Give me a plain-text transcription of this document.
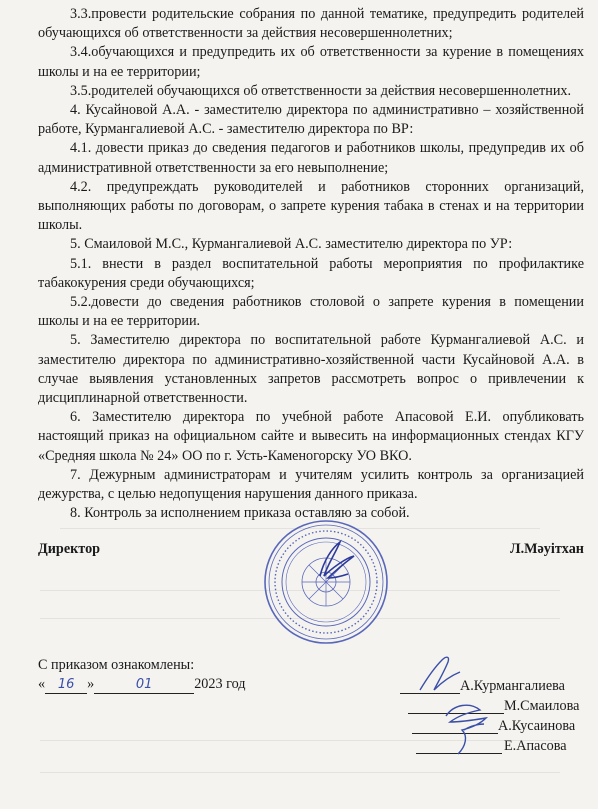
3.3.провести родительские собрания по данной тематике, предупредить родителей обучающихся об ответственности за действия несовершеннолетних;

3.4.обучающихся и предупредить их об ответственности за курение в помещениях школы и на ее территории;

3.5.родителей обучающихся об ответственности за действия несовершеннолетних.

4. Кусайновой А.А. - заместителю директора по административно – хозяйственной работе, Курмангалиевой А.С. - заместителю директора по ВР:

4.1. довести приказ до сведения педагогов и работников школы, предупредив их об административной ответственности за его невыполнение;

4.2. предупреждать руководителей и работников сторонних организаций, выполняющих работы по договорам, о запрете курения табака в стенах и на территории школы.

5. Смаиловой М.С., Курмангалиевой А.С. заместителю директора по УР:

5.1. внести в раздел воспитательной работы мероприятия по профилактике табакокурения среди обучающихся;

5.2.довести до сведения работников столовой о запрете курения в помещении школы и на ее территории.

5. Заместителю директора по воспитательной работе Курмангалиевой А.С. и заместителю директора по административно-хозяйственной части Кусайновой А.А. в случае выявления установленных запретов рассмотреть вопрос о привлечении к дисциплинарной ответственности.

6. Заместителю директора по учебной работе Апасовой Е.И. опубликовать настоящий приказ на официальном сайте и вывесить на информационных стендах КГУ «Средняя школа № 24» ОО по г. Усть-Каменогорску УО ВКО.

7. Дежурным администраторам и учителям усилить контроль за организацией дежурства, с целью недопущения нарушения данного приказа.

8. Контроль за исполнением приказа оставляю за собой.

Директор	Л.Мәуітхан
С приказом ознакомлены:
« 16 »	01	2023 год	А.Курмангалиева
М.Смаилова
А.Кусаинова
Е.Апасова
